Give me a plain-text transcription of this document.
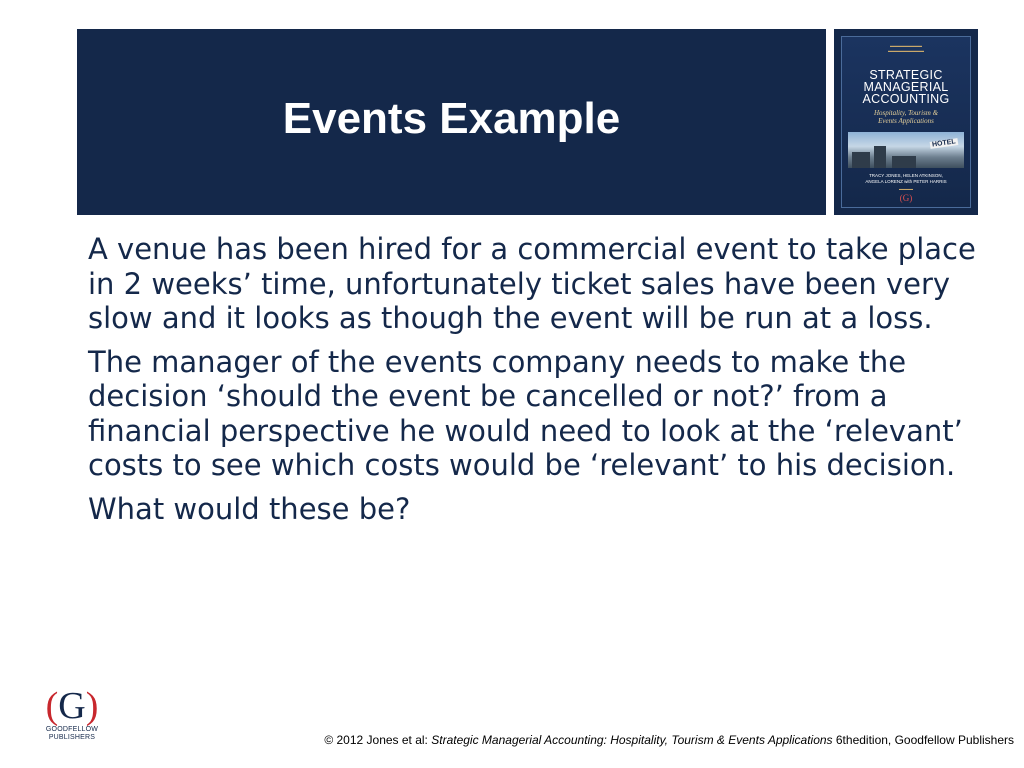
Events Example
▬▬▬▬▬▬▬▬
▬▬▬▬▬▬▬▬▬
STRATEGIC
MANAGERIAL
ACCOUNTING
Hospitality, Tourism &
Events Applications
HOTEL
TRACY JONES, HELEN ATKINSON,
ANGELA LORENZ with PETER HARRIS
▬▬▬▬
(G)
A venue has been hired for a commercial event to take place in 2 weeks’ time, unfortunately ticket sales have been very slow and it looks as though the event will be run at a loss.
The manager of the events company needs to make the decision ‘should the event be cancelled or not?’ from a financial perspective he would need to look at the ‘relevant’ costs to see which costs would be ‘relevant’ to his decision.
What would these be?
(G)
GOODFELLOW
PUBLISHERS	© 2012 Jones et al: Strategic Managerial Accounting: Hospitality, Tourism & Events Applications 6thedition, Goodfellow Publishers
